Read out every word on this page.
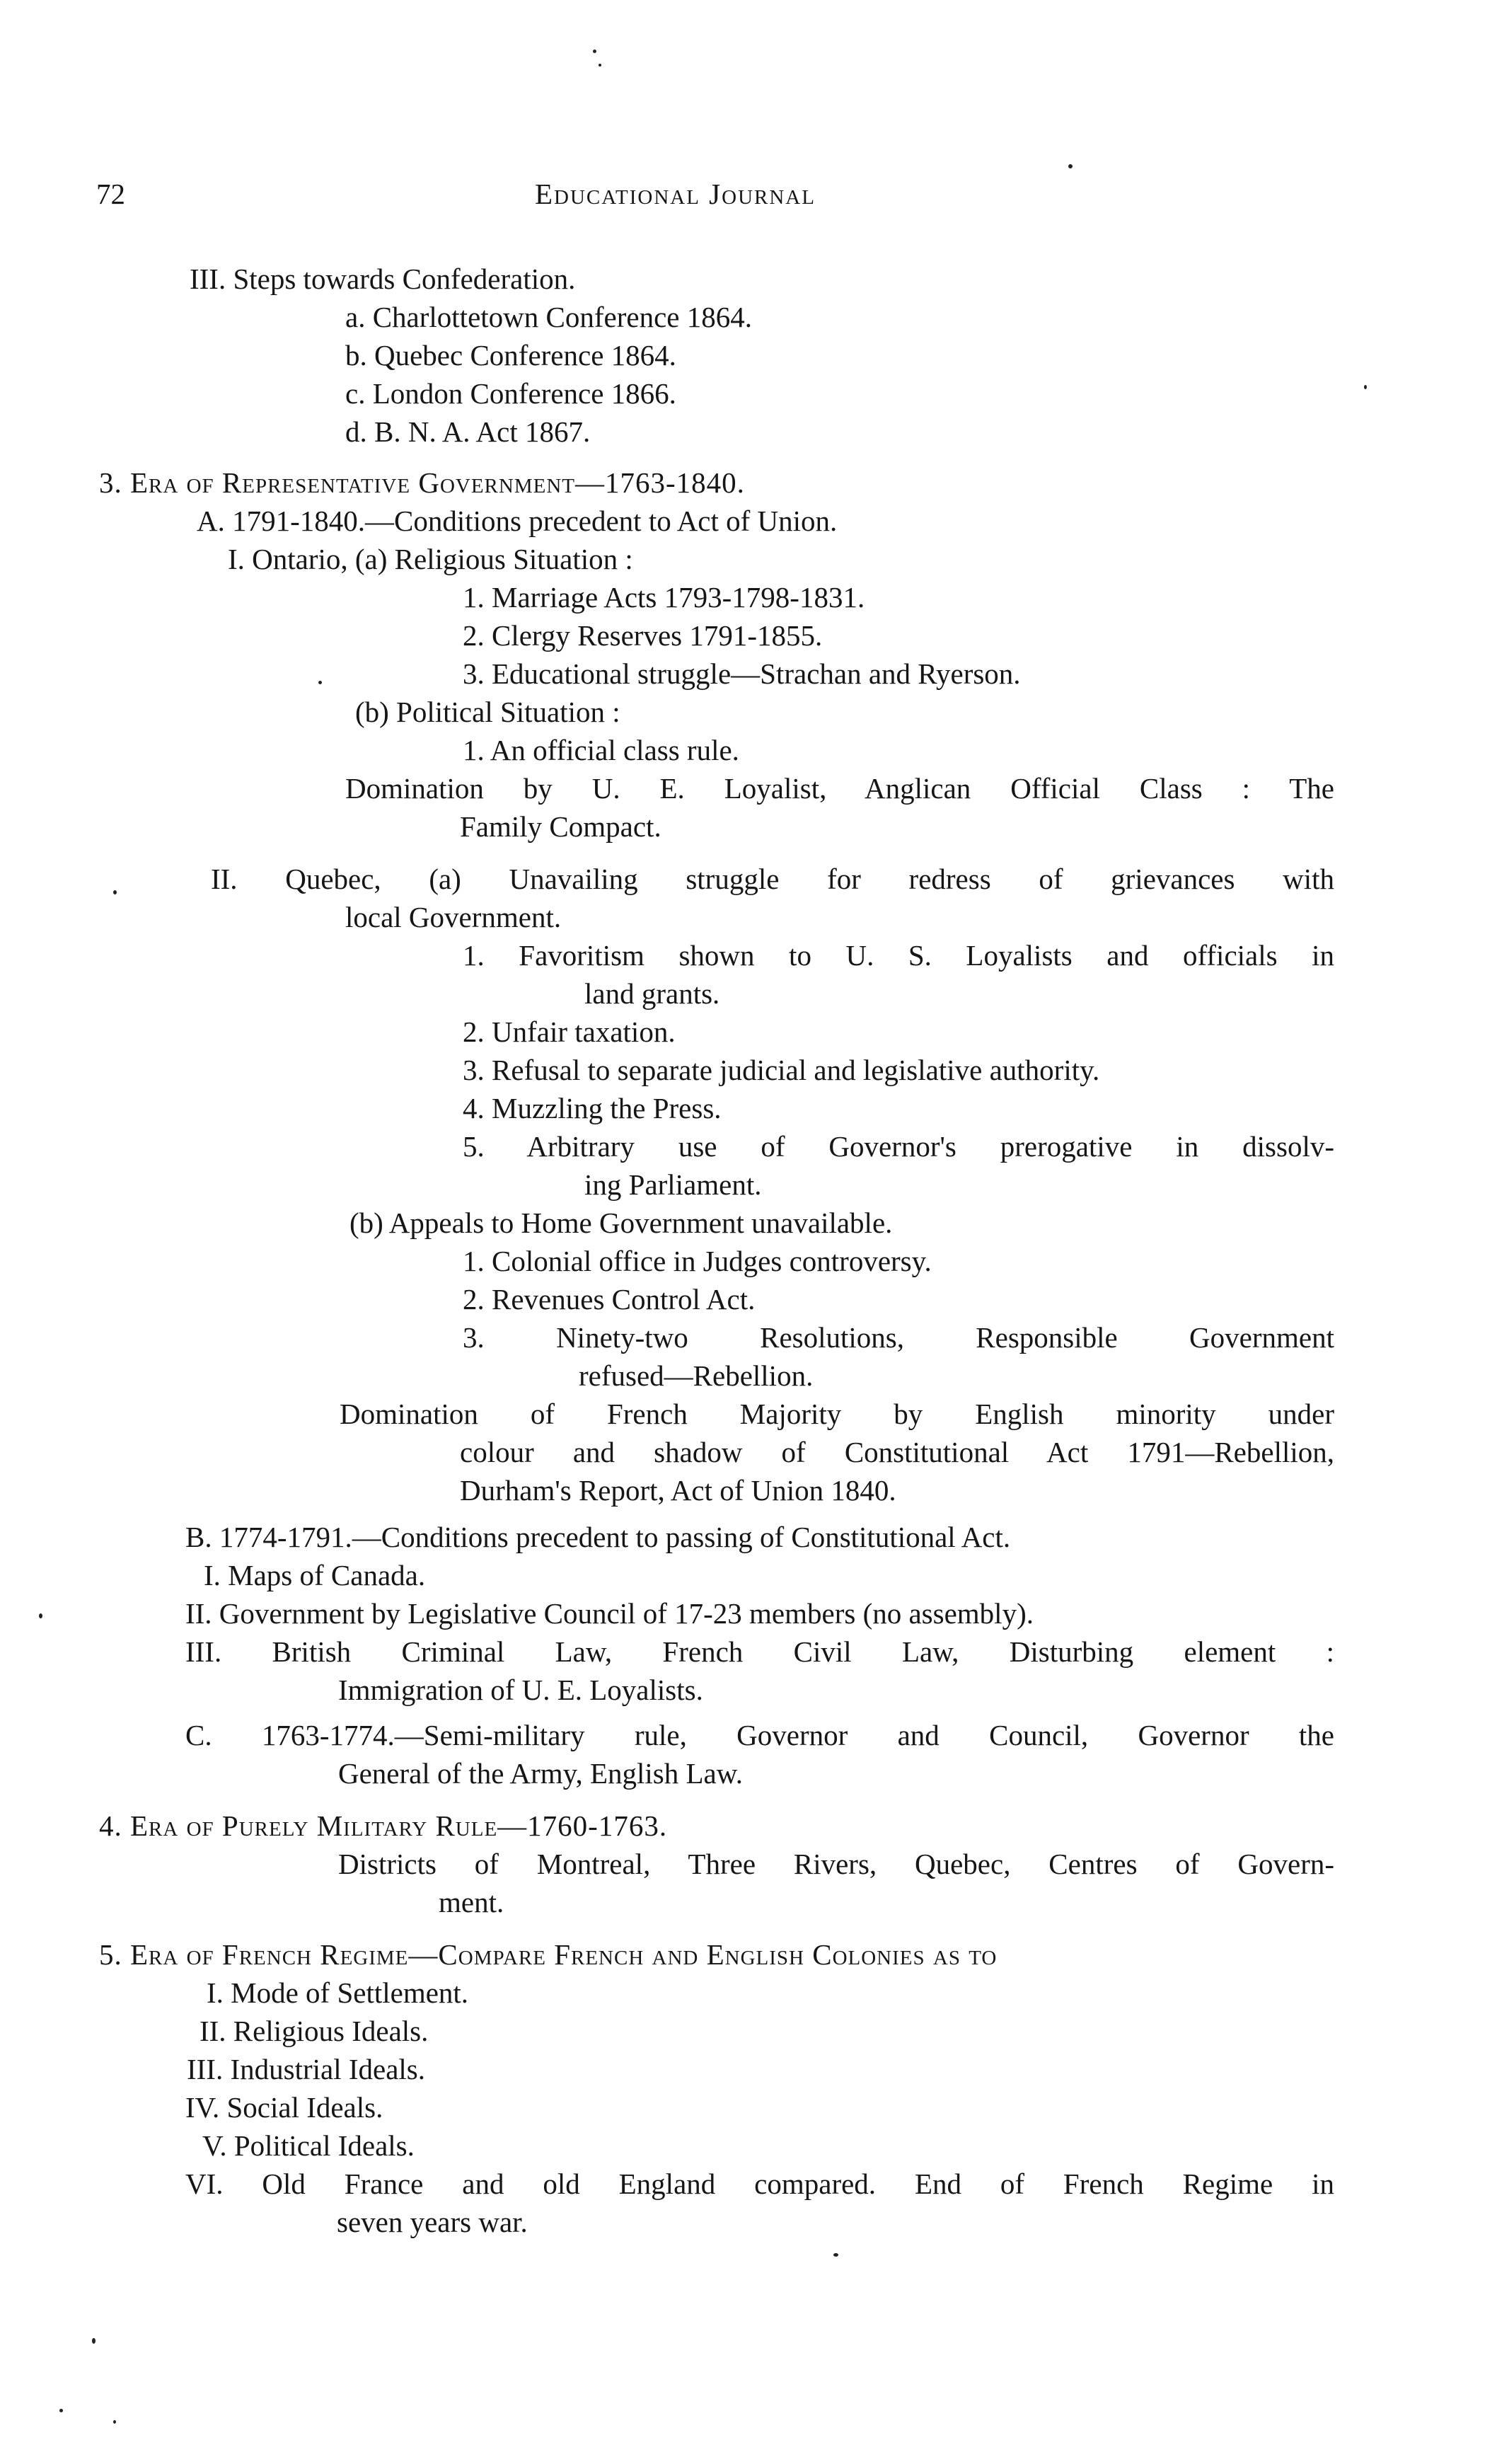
72	Educational Journal
III. Steps towards Confederation.
a. Charlottetown Conference 1864.
b. Quebec Conference 1864.
c. London Conference 1866.
d. B. N. A. Act 1867.
3. Era of Representative Government—1763-1840.
A. 1791-1840.—Conditions precedent to Act of Union.
I. Ontario, (a) Religious Situation :
1. Marriage Acts 1793-1798-1831.
2. Clergy Reserves 1791-1855.
3. Educational struggle—Strachan and Ryerson.
(b) Political Situation :
1. An official class rule.
Domination by U. E. Loyalist, Anglican Official Class : The
Family Compact.
II. Quebec, (a) Unavailing struggle for redress of grievances with
local Government.
1. Favoritism shown to U. S. Loyalists and officials in
land grants.
2. Unfair taxation.
3. Refusal to separate judicial and legislative authority.
4. Muzzling the Press.
5. Arbitrary use of Governor's prerogative in dissolv-
ing Parliament.
(b) Appeals to Home Government unavailable.
1. Colonial office in Judges controversy.
2. Revenues Control Act.
3. Ninety-two Resolutions, Responsible Government
refused—Rebellion.
Domination of French Majority by English minority under
colour and shadow of Constitutional Act 1791—Rebellion,
Durham's Report, Act of Union 1840.
B. 1774-1791.—Conditions precedent to passing of Constitutional Act.
I. Maps of Canada.
II. Government by Legislative Council of 17-23 members (no assembly).
III. British Criminal Law, French Civil Law, Disturbing element :
Immigration of U. E. Loyalists.
C. 1763-1774.—Semi-military rule, Governor and Council, Governor the
General of the Army, English Law.
4. Era of Purely Military Rule—1760-1763.
Districts of Montreal, Three Rivers, Quebec, Centres of Govern-
ment.
5. Era of French Regime—Compare French and English Colonies as to
I. Mode of Settlement.
II. Religious Ideals.
III. Industrial Ideals.
IV. Social Ideals.
V. Political Ideals.
VI. Old France and old England compared. End of French Regime in
seven years war.
